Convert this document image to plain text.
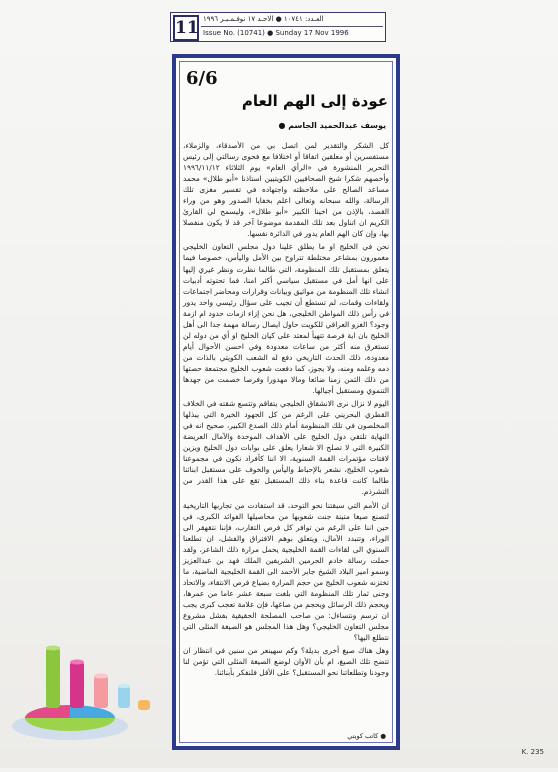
11 العـدد: ١٠٧٤١ ● الاحـد ١٧ نوفـمـبـر ١٩٩٦
Issue No. (10741) ● Sunday 17 Nov 1996
6/6
عودة إلى الهم العام
يوسف عبدالحميد الجاسم ●

كل الشكر والتقدير لمن اتصل بي من الأصدقاء، والزملاء، مستفسرين أو معلقين اتفاقا أو اختلافا مع فحوى رسالتي إلى رئيس التحرير المنشورة في «الرأي العام» يوم الثلاثاء ١٩٩٦/١١/١٢ وأخصهم شكرا شيخ الصحافيين الكويتيين استاذنا «أبو طلال» محمد مساعد الصالح على ملاحظته واجتهاده في تفسير مغزى تلك الرسالة، والله سبحانه وتعالى اعلم بخفايا الصدور وهو من وراء القصد، بالإذن من اخينا الكبير «أبو طلال»، وليسمح لي القارئ الكريم ان اتناول بعد تلك المقدمة موضوعا آخر قد لا يكون منفصلا بها، وإن كان الهم العام يدور في الدائرة نفسها.

نحن في الخليج او ما يطلق علينا دول مجلس التعاون الخليجي مغمورون بمشاعر مختلطة تتراوح بين الأمل واليأس، خصوصا فيما يتعلق بمستقبل تلك المنظومة، التي طالما نظرت ونظر غيري إليها على انها أمل في مستقبل سياسي أكثر امنا، فما تحتوته أدبيات انشاء تلك المنظومة من مواثيق وبيانات وقرارات ومحاضر اجتماعات ولقاءات وقمات، لم تستطع أن تجيب على سؤال رئيسي واحد يدور في رأس ذلك المواطن الخليجي، هل نحن إزاء ازمات حدود ام ازمة وجود؟ الغزو العراقي للكويت حاول ايصال رسالة مهمة جدا الى أهل الخليج بان اية فرصة تتهيأ لمعتد على كيان الخليج او أي من دوله لن تستغرق منه أكثر من ساعات معدودة وفي احسن الأحوال أيام معدودة، ذلك الحدث التاريخي دفع له الشعب الكويتي بالذات من دمه وعلمه ومنه، ولا يجوز، كما دفعت شعوب الخليج مجتمعة حصتها من ذلك الثمن زمنا ضائعا ومالا مهدورا وفرصا خصمت من جهدها التنموي ومستقبل أجيالها.

اليوم لا نزال نرى الانشقاق الخليجي يتفاقم وتتسع شقته في الخلاف القطري البحريني على الرغم من كل الجهود الخيرة التي يبذلها المخلصون في تلك المنظومة أمام ذلك الصدع الكبير، صحيح انه في النهاية تلتقي دول الخليج على الأهداف الموحدة والآمال العريضة الكبيرة التي لا تصلح الا شعارا يعلق على بوابات دول الخليج ويزين لافتات مؤتمرات القمة السنوية، الا اننا كأفراد نكون في مجموعنا شعوب الخليج، نشعر بالإحباط واليأس والخوف على مستقبل ابنائنا طالما كانت قاعدة بناء ذلك المستقبل تقع على هذا القدر من التشرذم.

ان الأمم التي سبقتنا نحو التوحد، قد استفادت من تجاربها التاريخية لتصنع صيغا متينة جنت شعوبها من محاصيلها الفوائد الكبرى، في حين اننا على الرغم من توافر كل فرص التقارب، فإننا نتقهقر الى الوراء، وتتبدد الآمال، ويتعلق بوهم الافتراق والفشل، ان تطلعنا السنوي الى لقاءات القمة الخليجية يحمل مرارة ذلك الشاعر، ولقد حملت رسالة خادم الحرمين الشريفين الملك فهد بن عبدالعزيز وسمو امير البلاد الشيخ جابر الأحمد الى القمة الخليجية الماضية، ما تختزنه شعوب الخليج من حجم المرارة بضياع فرص الانتقاء، والاتحاد وجنى ثمار تلك المنظومة التي بلغت سبعة عشر عاما من عمرها، ويحجم ذلك الرسائل ويحجم من صاغها، فإن علامة تعجب كبرى يجب ان ترسم ونتساءل: من صاحب المصلحة الحقيقية بفشل مشروع مجلس التعاون الخليجي؟ وهل هذا المجلس هو الصيغة المثلى التي نتطلع اليها؟

وهل هناك صيغ أخرى بديلة؟ وكم سهينعر من سنين في انتظار ان تتضح تلك الصيغ، ام بأن الأوان لوضع الصيغة المثلى التي تؤمن لنا وجودنا وتطلعاتنا نحو المستقبل؟ على الأقل فلنفكر بأبنائنا.

● كاتب كويتي
K. 235
